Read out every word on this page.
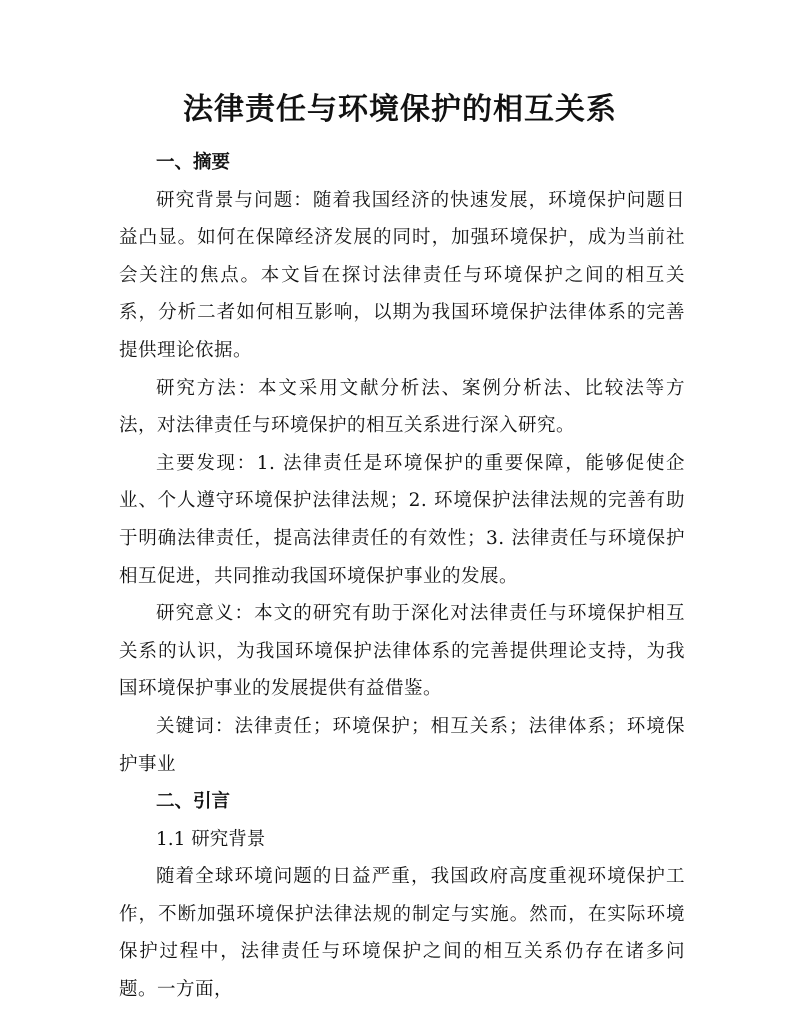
法律责任与环境保护的相互关系
一、摘要

研究背景与问题：随着我国经济的快速发展，环境保护问题日益凸显。如何在保障经济发展的同时，加强环境保护，成为当前社会关注的焦点。本文旨在探讨法律责任与环境保护之间的相互关系，分析二者如何相互影响，以期为我国环境保护法律体系的完善提供理论依据。

研究方法：本文采用文献分析法、案例分析法、比较法等方法，对法律责任与环境保护的相互关系进行深入研究。

主要发现：1. 法律责任是环境保护的重要保障，能够促使企业、个人遵守环境保护法律法规；2. 环境保护法律法规的完善有助于明确法律责任，提高法律责任的有效性；3. 法律责任与环境保护相互促进，共同推动我国环境保护事业的发展。

研究意义：本文的研究有助于深化对法律责任与环境保护相互关系的认识，为我国环境保护法律体系的完善提供理论支持，为我国环境保护事业的发展提供有益借鉴。

关键词：法律责任；环境保护；相互关系；法律体系；环境保护事业

二、引言
1.1 研究背景

随着全球环境问题的日益严重，我国政府高度重视环境保护工作，不断加强环境保护法律法规的制定与实施。然而，在实际环境保护过程中，法律责任与环境保护之间的相互关系仍存在诸多问题。一方面，
